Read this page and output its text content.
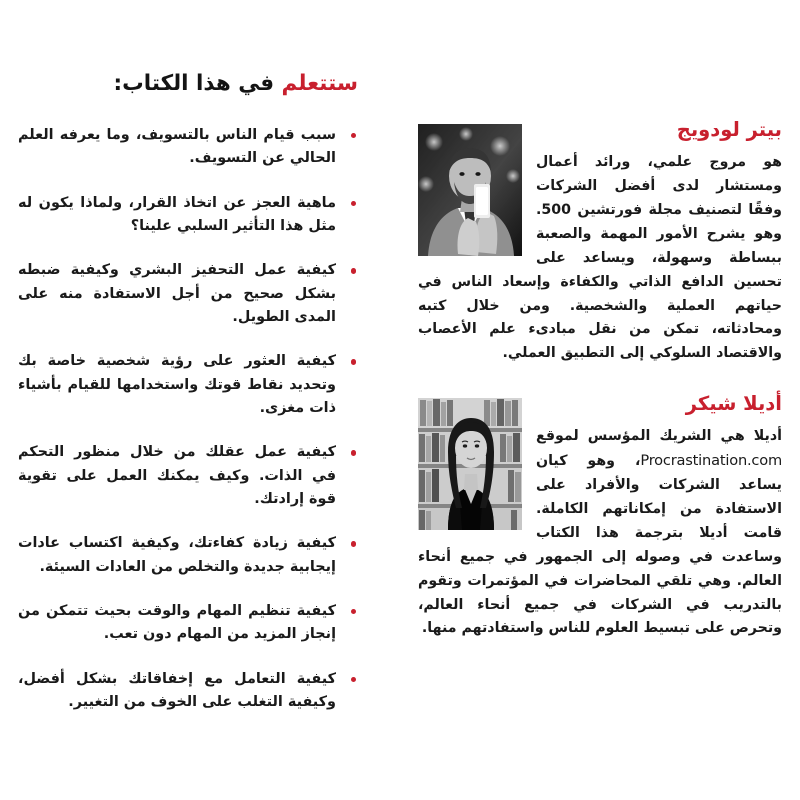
ستتعلم في هذا الكتاب:
سبب قيام الناس بالتسويف، وما يعرفه العلم الحالي عن التسويف.
ماهية العجز عن اتخاذ القرار، ولماذا يكون له مثل هذا التأثير السلبي علينا؟
كيفية عمل التحفيز البشري وكيفية ضبطه بشكل صحيح من أجل الاستفادة منه على المدى الطويل.
كيفية العثور على رؤية شخصية خاصة بك وتحديد نقاط قوتك واستخدامها للقيام بأشياء ذات مغزى.
كيفية عمل عقلك من خلال منظور التحكم في الذات. وكيف يمكنك العمل على تقوية قوة إرادتك.
كيفية زيادة كفاءتك، وكيفية اكتساب عادات إيجابية جديدة والتخلص من العادات السيئة.
كيفية تنظيم المهام والوقت بحيث تتمكن من إنجاز المزيد من المهام دون تعب.
كيفية التعامل مع إخفاقاتك بشكل أفضل، وكيفية التغلب على الخوف من التغيير.
بيتر لودويج

هو مروج علمي، ورائد أعمال ومستشار لدى أفضل الشركات وفقًا لتصنيف مجلة فورتشين 500. وهو يشرح الأمور المهمة والصعبة ببساطة وسهولة، ويساعد على تحسين الدافع الذاتي والكفاءة وإسعاد الناس في حياتهم العملية والشخصية. ومن خلال كتبه ومحادثاته، تمكن من نقل مبادىء علم الأعصاب والاقتصاد السلوكي إلى التطبيق العملي.

أديلا شيكر

أديلا هي الشريك المؤسس لموقع Procrastination.com، وهو كيان يساعد الشركات والأفراد على الاستفادة من إمكاناتهم الكاملة. قامت أديلا بترجمة هذا الكتاب وساعدت في وصوله إلى الجمهور في جميع أنحاء العالم. وهي تلقي المحاضرات في المؤتمرات وتقوم بالتدريب في الشركات في جميع أنحاء العالم، وتحرص على تبسيط العلوم للناس واستفادتهم منها.
